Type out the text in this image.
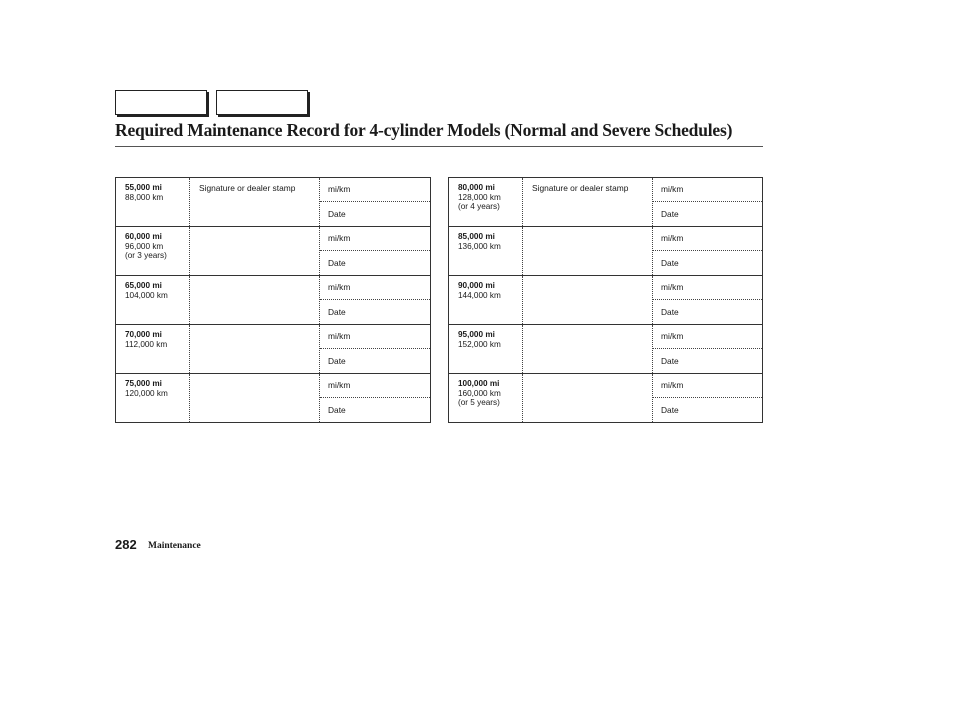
Required Maintenance Record for 4-cylinder Models (Normal and Severe Schedules)
55,000 mi
88,000 km
Signature or dealer stamp	mi/km
Date
60,000 mi
96,000 km
(or 3 years)
mi/km
Date
65,000 mi
104,000 km
mi/km
Date
70,000 mi
112,000 km
mi/km
Date
75,000 mi
120,000 km
mi/km
Date
80,000 mi
128,000 km
(or 4 years)
Signature or dealer stamp	mi/km
Date
85,000 mi
136,000 km
mi/km
Date
90,000 mi
144,000 km
mi/km
Date
95,000 mi
152,000 km
mi/km
Date
100,000 mi
160,000 km
(or 5 years)
mi/km
Date
282 Maintenance
